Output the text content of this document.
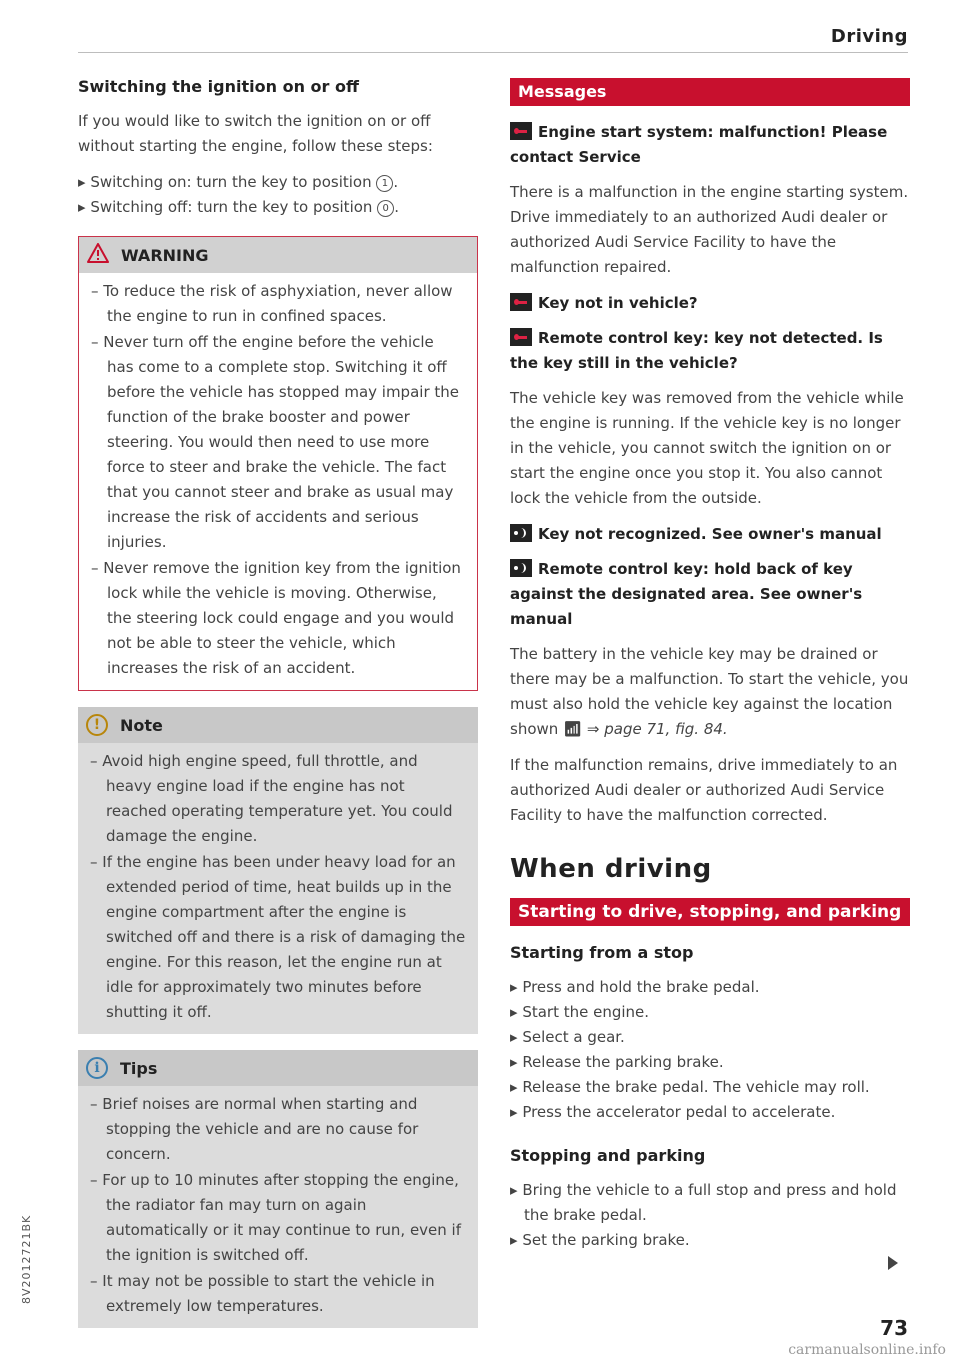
Driving
Switching the ignition on or off

If you would like to switch the ignition on or off without starting the engine, follow these steps:

▸ Switching on: turn the key to position 1 .
▸ Switching off: turn the key to position 0 .
WARNING
– To reduce the risk of asphyxiation, never allow the engine to run in confined spaces.
– Never turn off the engine before the vehicle has come to a complete stop. Switching it off before the vehicle has stopped may impair the function of the brake booster and power steering. You would then need to use more force to steer and brake the vehicle. The fact that you cannot steer and brake as usual may increase the risk of accidents and serious injuries.
– Never remove the ignition key from the ignition lock while the vehicle is moving. Otherwise, the steering lock could engage and you would not be able to steer the vehicle, which increases the risk of an accident.
!	Note
– Avoid high engine speed, full throttle, and heavy engine load if the engine has not reached operating temperature yet. You could damage the engine.
– If the engine has been under heavy load for an extended period of time, heat builds up in the engine compartment after the engine is switched off and there is a risk of damaging the engine. For this reason, let the engine run at idle for approximately two minutes before shutting it off.
i	Tips
– Brief noises are normal when starting and stopping the vehicle and are no cause for concern.
– For up to 10 minutes after stopping the engine, the radiator fan may turn on again automatically or it may continue to run, even if the ignition is switched off.
– It may not be possible to start the vehicle in extremely low temperatures.
Messages
Engine start system: malfunction! Please contact Service

There is a malfunction in the engine starting system. Drive immediately to an authorized Audi dealer or authorized Audi Service Facility to have the malfunction repaired.

Key not in vehicle?
Remote control key: key not detected. Is the key still in the vehicle?

The vehicle key was removed from the vehicle while the engine is running. If the vehicle key is no longer in the vehicle, you cannot switch the ignition on or start the engine once you stop it. You also cannot lock the vehicle from the outside.

Key not recognized. See owner's manual
Remote control key: hold back of key against the designated area. See owner's manual

The battery in the vehicle key may be drained or there may be a malfunction. To start the vehicle, you must also hold the vehicle key against the location shown 📶︎ ⇒ page 71, fig. 84.

If the malfunction remains, drive immediately to an authorized Audi dealer or authorized Audi Service Facility to have the malfunction corrected.

When driving
Starting to drive, stopping, and parking
Starting from a stop
▸ Press and hold the brake pedal.
▸ Start the engine.
▸ Select a gear.
▸ Release the parking brake.
▸ Release the brake pedal. The vehicle may roll.
▸ Press the accelerator pedal to accelerate.
Stopping and parking
▸ Bring the vehicle to a full stop and press and hold the brake pedal.
▸ Set the parking brake.
73
8V2012721BK
carmanualsonline.info
